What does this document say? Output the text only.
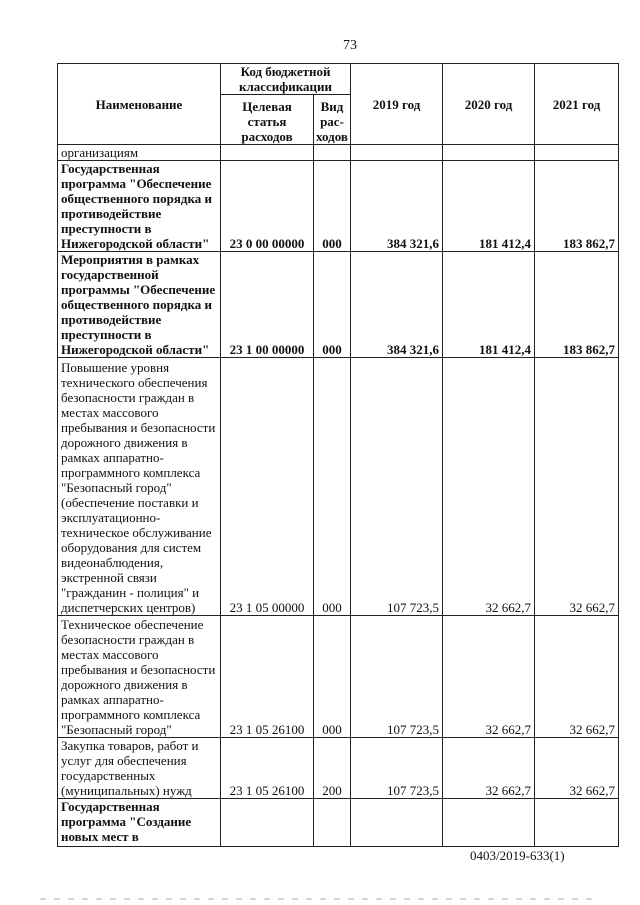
73
Наименование	Код бюджетной классификации		2019 год	2020 год	2021 год
	Целевая статья расходов	Вид рас- ходов			
организациям					
Государственная программа "Обеспечение общественного порядка и противодействие преступности в Нижегородской области"	23 0 00 00000	000	384 321,6	181 412,4	183 862,7
Мероприятия в рамках государственной программы "Обеспечение общественного порядка и противодействие преступности в Нижегородской области"	23 1 00 00000	000	384 321,6	181 412,4	183 862,7
Повышение уровня технического обеспечения безопасности граждан в местах массового пребывания и безопасности дорожного движения в рамках аппаратно-программного комплекса "Безопасный город" (обеспечение поставки и эксплуатационно-техническое обслуживание оборудования для систем видеонаблюдения, экстренной связи "гражданин - полиция" и диспетчерских центров)	23 1 05 00000	000	107 723,5	32 662,7	32 662,7
Техническое обеспечение безопасности граждан в местах массового пребывания и безопасности дорожного движения в рамках аппаратно-программного комплекса "Безопасный город"	23 1 05 26100	000	107 723,5	32 662,7	32 662,7
Закупка товаров, работ и услуг для обеспечения государственных (муниципальных) нужд	23 1 05 26100	200	107 723,5	32 662,7	32 662,7
Государственная программа "Создание новых мест в					
0403/2019-633(1)
